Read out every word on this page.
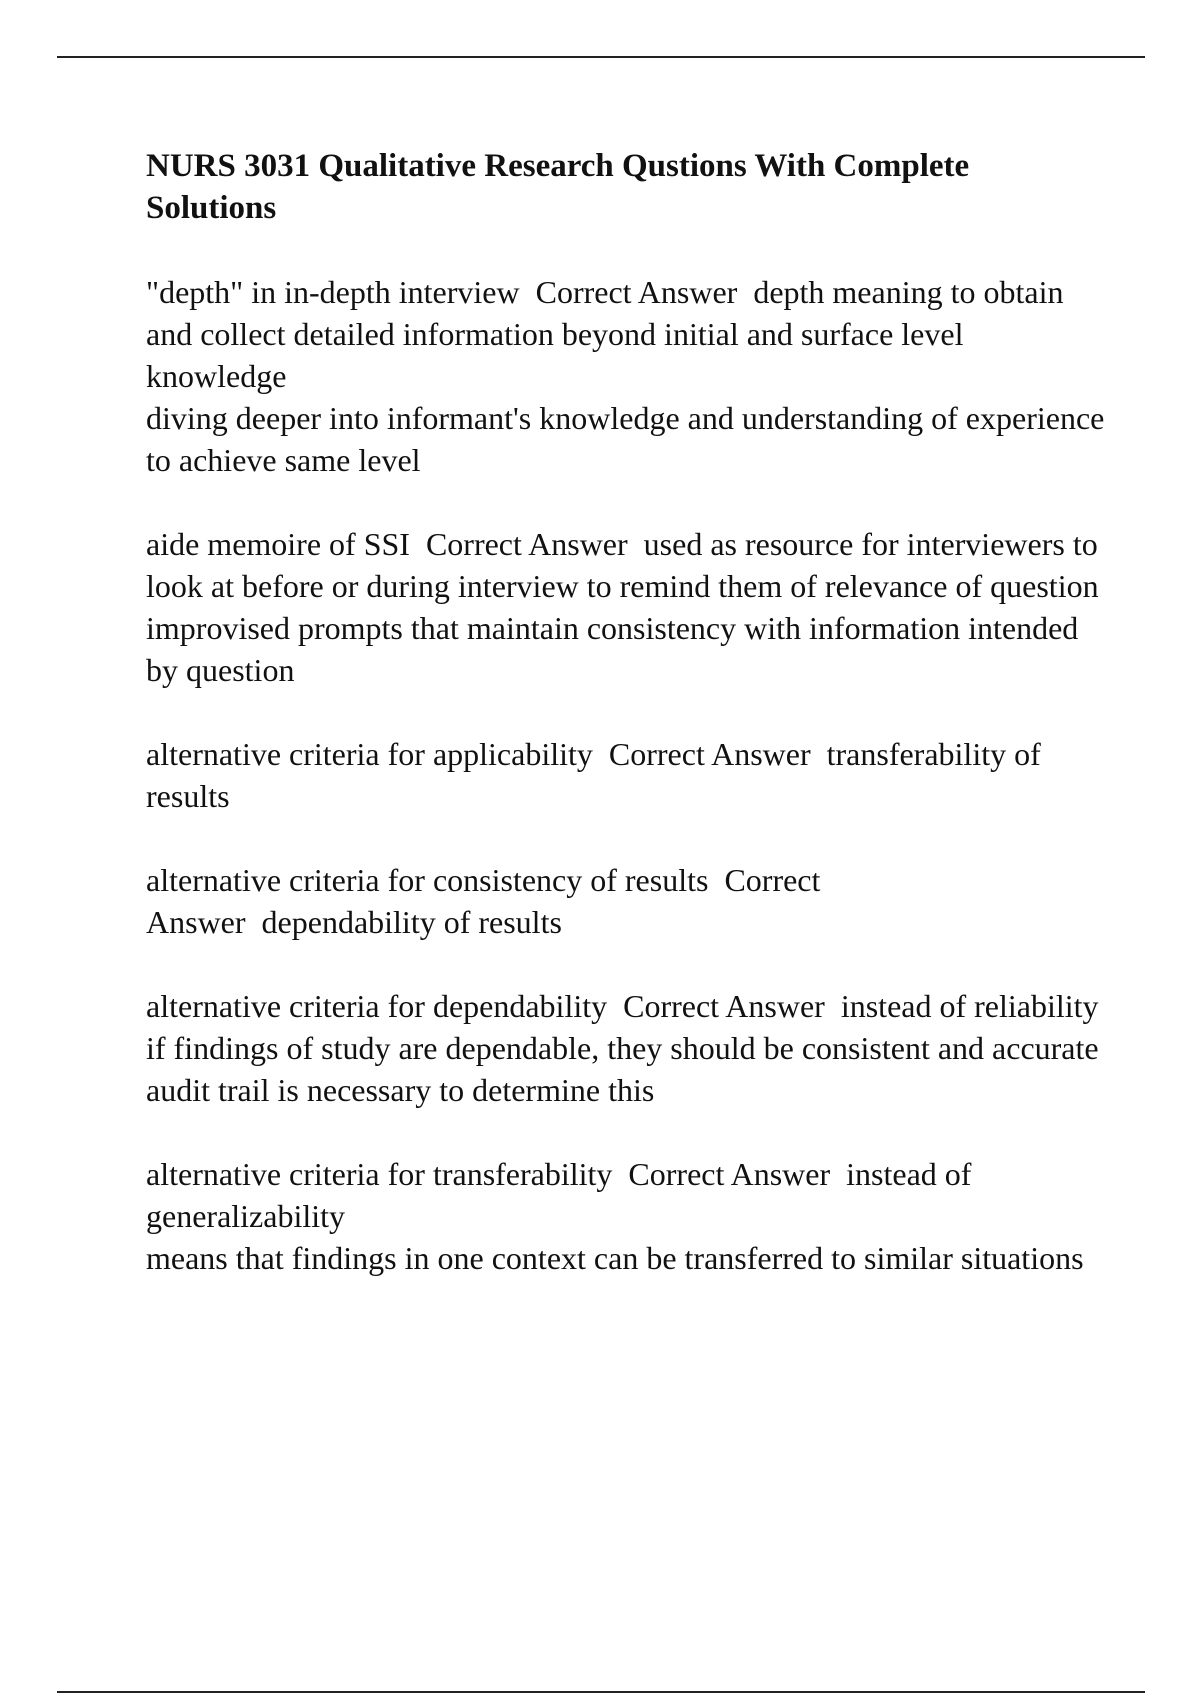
NURS 3031 Qualitative Research Qustions With Complete Solutions

"depth" in in-depth interview Correct Answer depth meaning to obtain and collect detailed information beyond initial and surface level knowledge
diving deeper into informant's knowledge and understanding of experience to achieve same level

aide memoire of SSI Correct Answer used as resource for interviewers to look at before or during interview to remind them of relevance of question
improvised prompts that maintain consistency with information intended by question

alternative criteria for applicability Correct Answer transferability of results

alternative criteria for consistency of results Correct Answer dependability of results

alternative criteria for dependability Correct Answer instead of reliability
if findings of study are dependable, they should be consistent and accurate
audit trail is necessary to determine this

alternative criteria for transferability Correct Answer instead of generalizability
means that findings in one context can be transferred to similar situations
